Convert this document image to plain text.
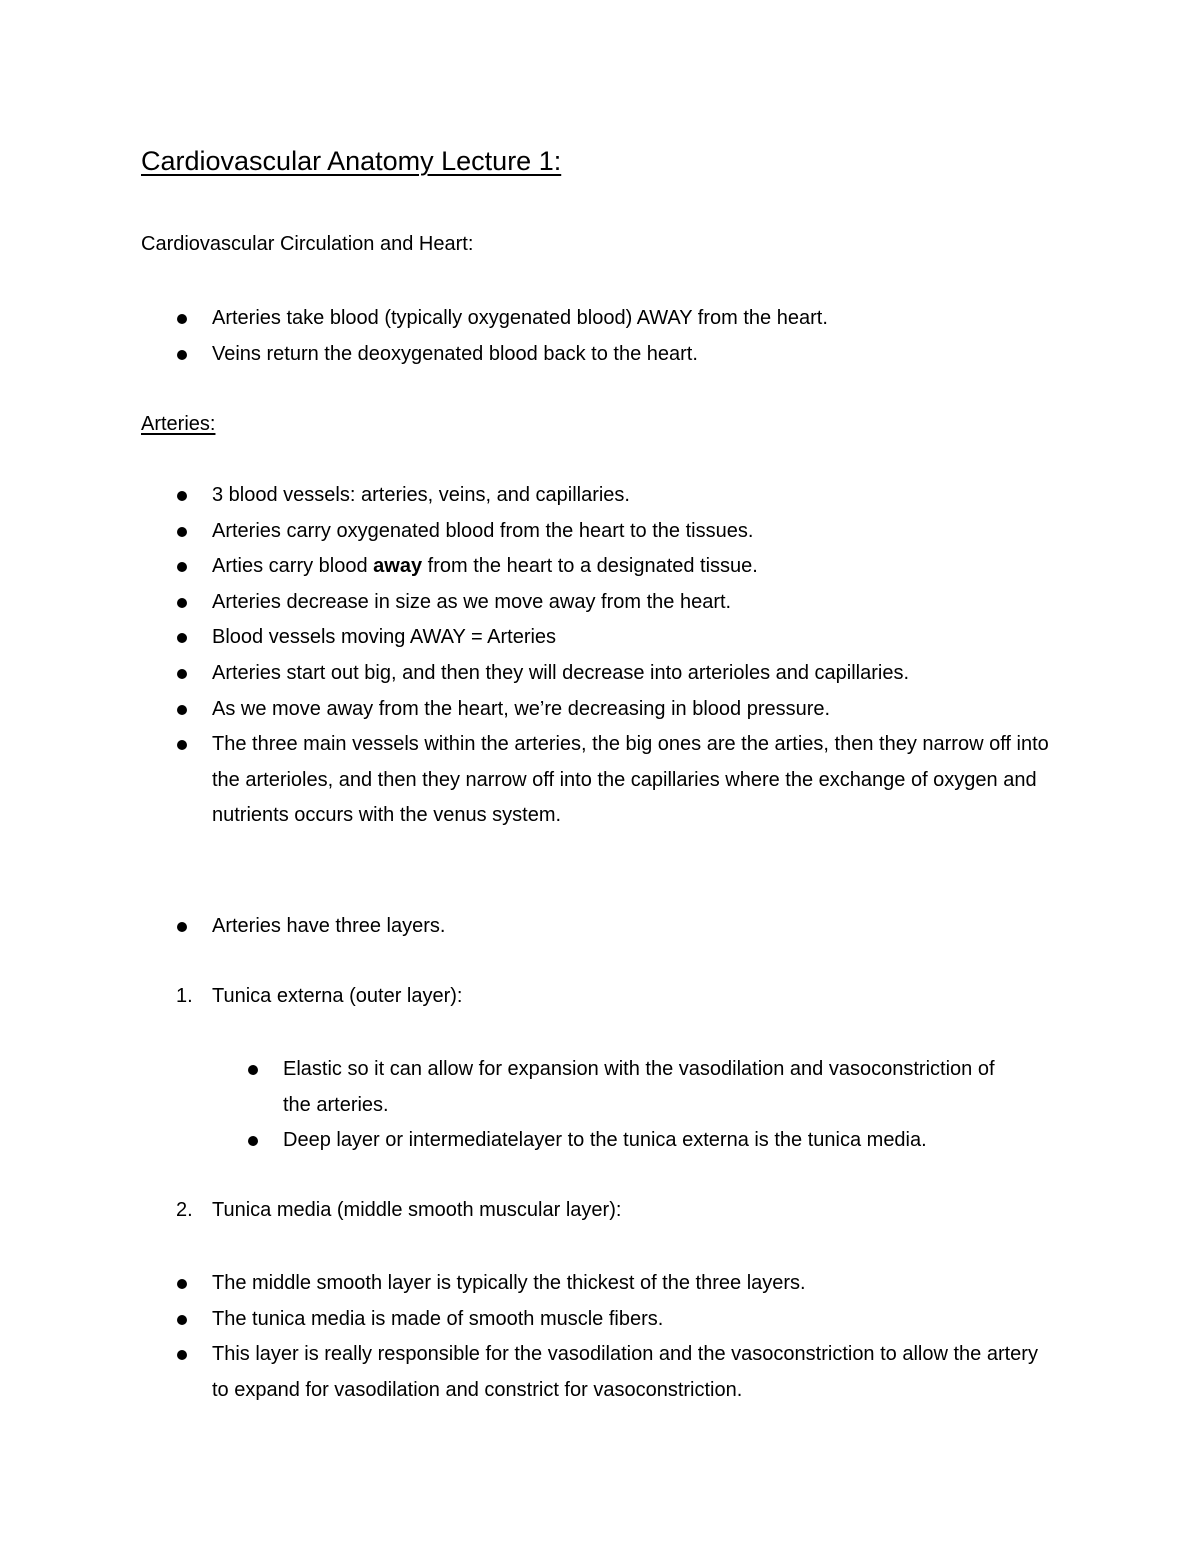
Cardiovascular Anatomy Lecture 1:
Cardiovascular Circulation and Heart:
Arteries take blood (typically oxygenated blood) AWAY from the heart.
Veins return the deoxygenated blood back to the heart.
Arteries:
3 blood vessels: arteries, veins, and capillaries.
Arteries carry oxygenated blood from the heart to the tissues.
Arties carry blood away from the heart to a designated tissue.
Arteries decrease in size as we move away from the heart.
Blood vessels moving AWAY = Arteries
Arteries start out big, and then they will decrease into arterioles and capillaries.
As we move away from the heart, we’re decreasing in blood pressure.
The three main vessels within the arteries, the big ones are the arties, then they narrow off into the arterioles, and then they narrow off into the capillaries where the exchange of oxygen and nutrients occurs with the venus system.
Arteries have three layers.
1. Tunica externa (outer layer):
Elastic so it can allow for expansion with the vasodilation and vasoconstriction of the arteries.
Deep layer or intermediatelayer to the tunica externa is the tunica media.
2. Tunica media (middle smooth muscular layer):
The middle smooth layer is typically the thickest of the three layers.
The tunica media is made of smooth muscle fibers.
This layer is really responsible for the vasodilation and the vasoconstriction to allow the artery to expand for vasodilation and constrict for vasoconstriction.
